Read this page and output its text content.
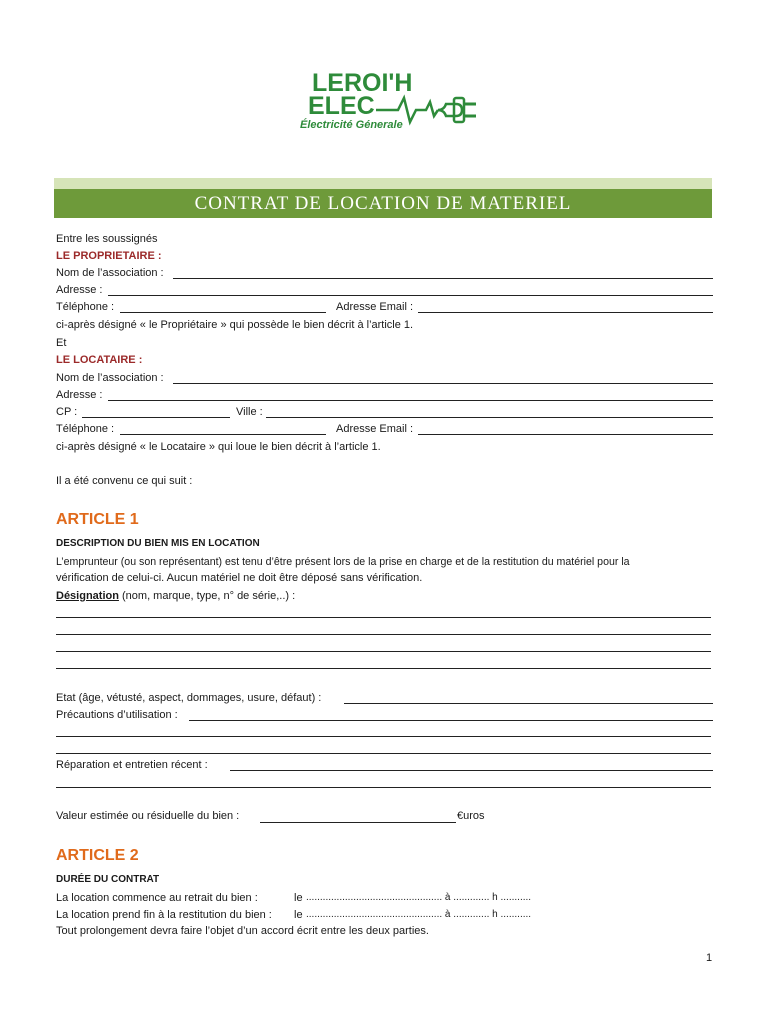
LEROI'H
ELEC
Électricité Génerale
CONTRAT DE LOCATION DE MATERIEL
Entre les soussignés
LE PROPRIETAIRE :
Nom de l’association :
Adresse :
Téléphone :	Adresse Email :
ci-après désigné « le Propriétaire » qui possède le bien décrit à l’article 1.
Et
LE LOCATAIRE :
Nom de l’association :
Adresse :
CP :	Ville :
Téléphone :	Adresse Email :
ci-après désigné « le Locataire » qui loue le bien décrit à l’article 1.
Il a été convenu ce qui suit :
ARTICLE 1
DESCRIPTION DU BIEN MIS EN LOCATION
L’emprunteur (ou son représentant) est tenu d’être présent lors de la prise en charge et de la restitution du matériel pour la
vérification de celui-ci. Aucun matériel ne doit être déposé sans vérification.
Désignation (nom, marque, type, n° de série,..) :
Etat (âge, vétusté, aspect, dommages, usure, défaut) :
Précautions d’utilisation :
Réparation et entretien récent :
Valeur estimée ou résiduelle du bien :	€uros
ARTICLE 2
DURÉE DU CONTRAT
La location commence au retrait du bien :	le ................................................. à ............. h ...........
La location prend fin à la restitution du bien : le ................................................. à ............. h ...........
Tout prolongement devra faire l’objet d’un accord écrit entre les deux parties.
1
